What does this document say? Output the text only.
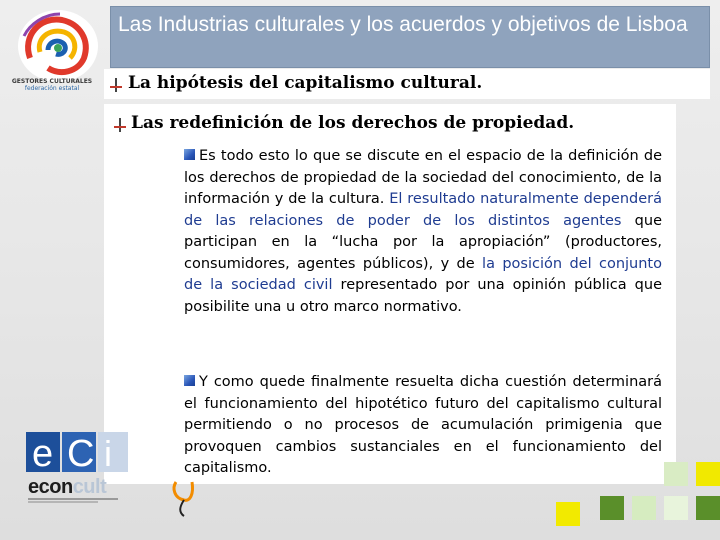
GESTORES CULTURALES
federación estatal
Las Industrias culturales y los acuerdos y objetivos de Lisboa
La hipótesis del capitalismo cultural.
Las redefinición de los derechos de propiedad.
Es todo esto lo que se discute en el espacio de la definición de los derechos de propiedad de la sociedad del conocimiento, de la información y de la cultura. El resultado naturalmente dependerá de las relaciones de poder de los distintos agentes que participan en la “lucha por la apropiación” (productores, consumidores, agentes públicos), y de la posición del conjunto de la sociedad civil representado por una opinión pública que posibilite una u otro marco normativo.
Y como quede finalmente resuelta dicha cuestión determinará el funcionamiento del hipotético futuro del capitalismo cultural permitiendo o no procesos de acumulación primigenia que provoquen cambios sustanciales en el funcionamiento del capitalismo.
e C i
econcult
